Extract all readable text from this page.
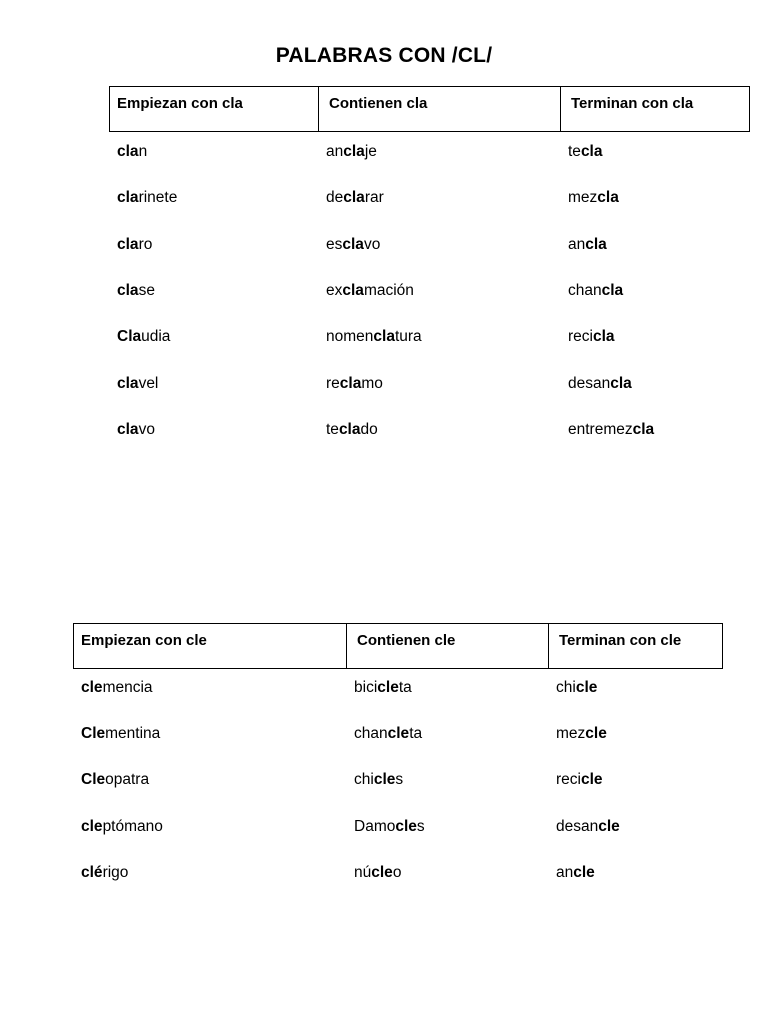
PALABRAS CON /CL/
Empiezan con cla	Contienen cla	Terminan con cla
clan	anclaje	tecla
clarinete	declarar	mezcla
claro	esclavo	ancla
clase	exclamación	chancla
Claudia	nomenclatura	recicla
clavel	reclamo	desancla
clavo	teclado	entremezcla
Empiezan con cle	Contienen cle	Terminan con cle
clemencia	bicicleta	chicle
Clementina	chancleta	mezcle
Cleopatra	chicles	recicle
cleptómano	Damocles	desancle
clérigo	núcleo	ancle
